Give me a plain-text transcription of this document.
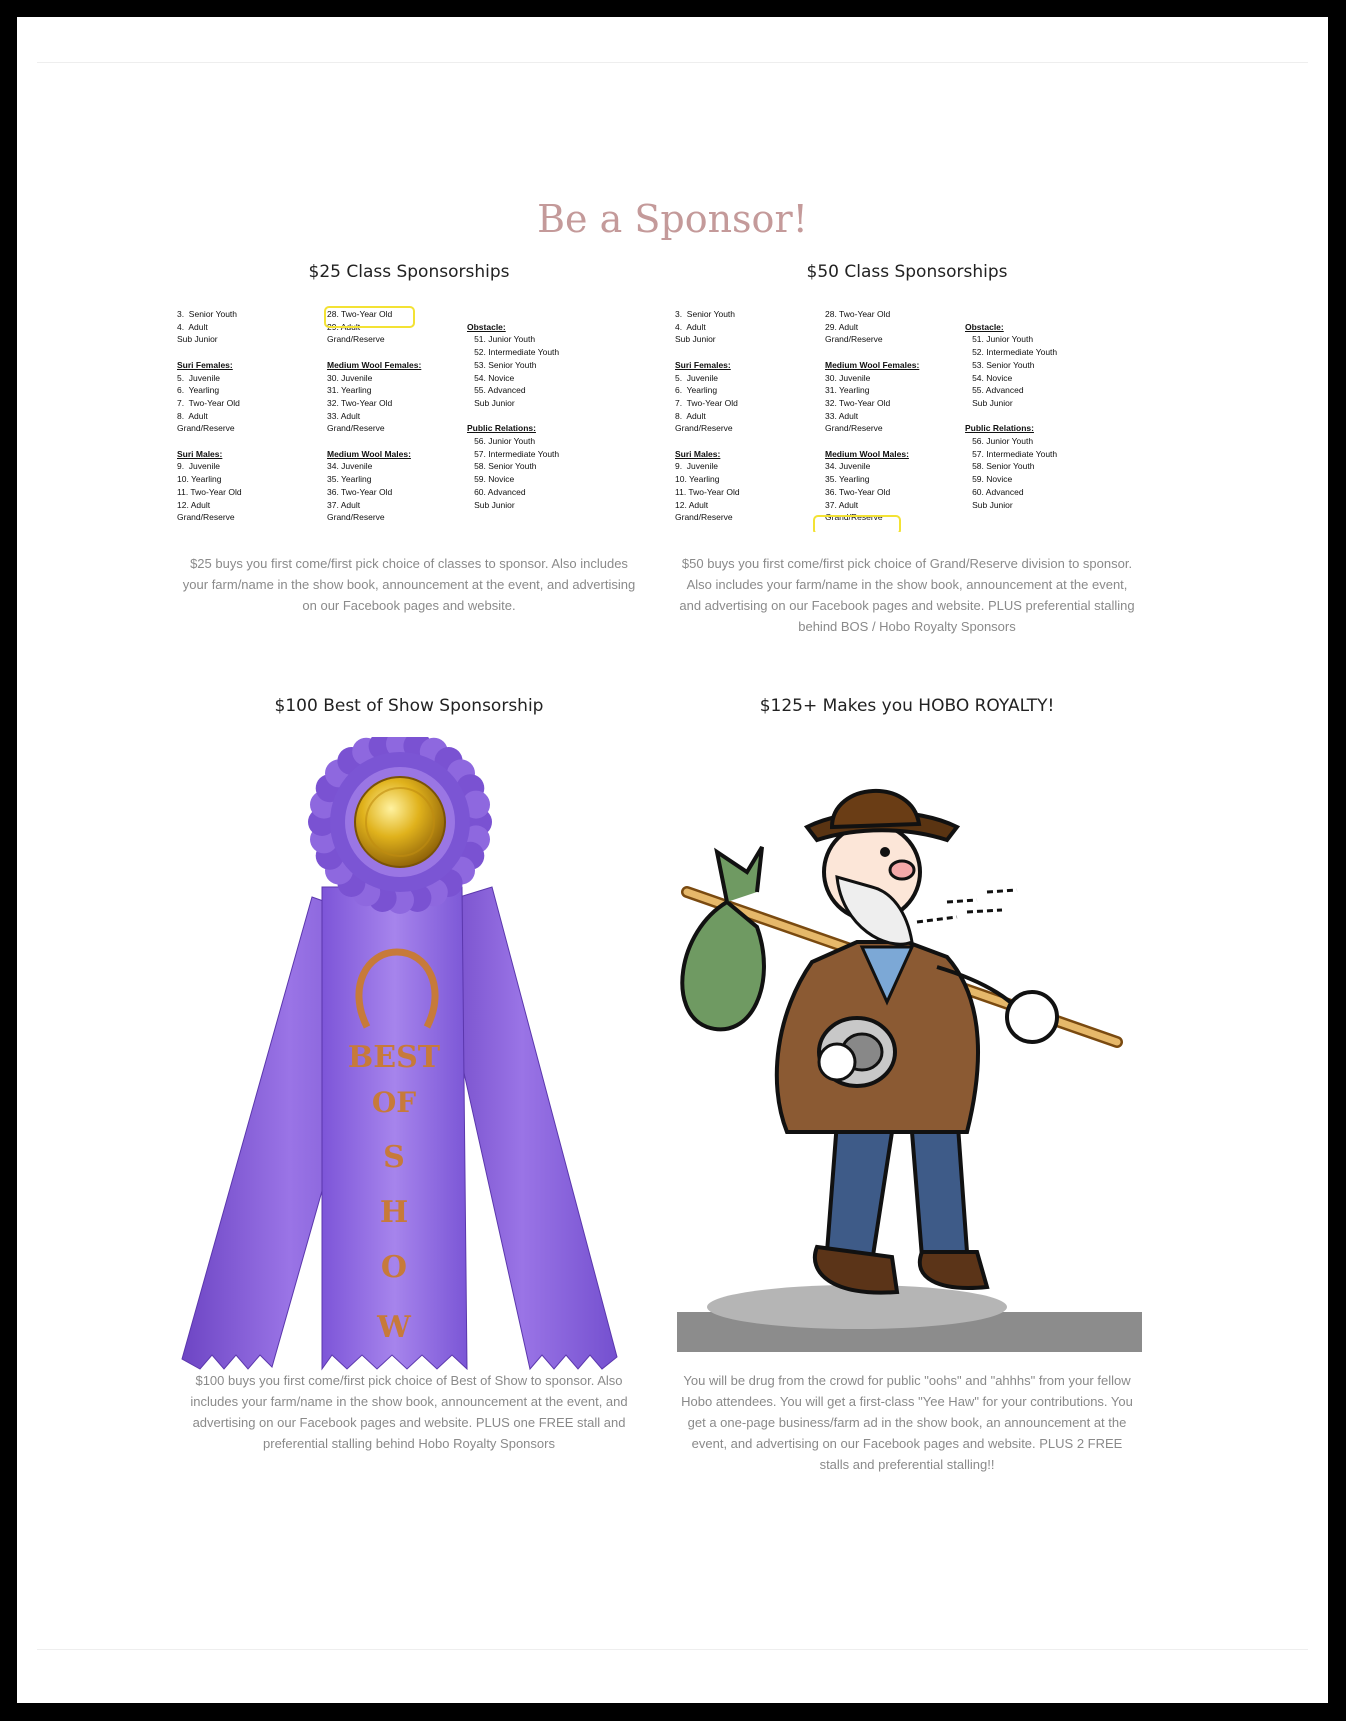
Be a Sponsor!
$25 Class Sponsorships

Obstacle:
51. Junior Youth
52. Intermediate Youth
53. Senior Youth
54. Novice
55. Advanced
Sub Junior

Public Relations:
56. Junior Youth
57. Intermediate Youth
58. Senior Youth
59. Novice
60. Advanced
Sub Junior
28. Two-Year Old
29. Adult
Grand/Reserve

Medium Wool Females:
30. Juvenile
31. Yearling
32. Two-Year Old
33. Adult
Grand/Reserve

Medium Wool Males:
34. Juvenile
35. Yearling
36. Two-Year Old
37. Adult
Grand/Reserve
3.  Senior Youth
4.  Adult
Sub Junior

Suri Females:
5.  Juvenile
6.  Yearling
7.  Two-Year Old
8.  Adult
Grand/Reserve

Suri Males:
9.  Juvenile
10. Yearling
11. Two-Year Old
12. Adult
Grand/Reserve
$25 buys you first come/first pick choice of classes to sponsor. Also includes your farm/name in the show book, announcement at the event, and advertising on our Facebook pages and website.
$50 Class Sponsorships

Obstacle:
51. Junior Youth
52. Intermediate Youth
53. Senior Youth
54. Novice
55. Advanced
Sub Junior

Public Relations:
56. Junior Youth
57. Intermediate Youth
58. Senior Youth
59. Novice
60. Advanced
Sub Junior
28. Two-Year Old
29. Adult
Grand/Reserve

Medium Wool Females:
30. Juvenile
31. Yearling
32. Two-Year Old
33. Adult
Grand/Reserve

Medium Wool Males:
34. Juvenile
35. Yearling
36. Two-Year Old
37. Adult
Grand/Reserve
3.  Senior Youth
4.  Adult
Sub Junior

Suri Females:
5.  Juvenile
6.  Yearling
7.  Two-Year Old
8.  Adult
Grand/Reserve

Suri Males:
9.  Juvenile
10. Yearling
11. Two-Year Old
12. Adult
Grand/Reserve
$50 buys you first come/first pick choice of Grand/Reserve division to sponsor. Also includes your farm/name in the show book, announcement at the event, and advertising on our Facebook pages and website. PLUS preferential stalling behind BOS / Hobo Royalty Sponsors
$100 Best of Show Sponsorship
BEST
OF
S
H
O
W
$100 buys you first come/first pick choice of Best of Show to sponsor. Also includes your farm/name in the show book, announcement at the event, and advertising on our Facebook pages and website. PLUS one FREE stall and preferential stalling behind Hobo Royalty Sponsors
$125+ Makes you HOBO ROYALTY!
You will be drug from the crowd for public "oohs" and "ahhhs" from your fellow Hobo attendees. You will get a first-class "Yee Haw" for your contributions. You get a one-page business/farm ad in the show book, an announcement at the event, and advertising on our Facebook pages and website. PLUS 2 FREE stalls and preferential stalling!!
